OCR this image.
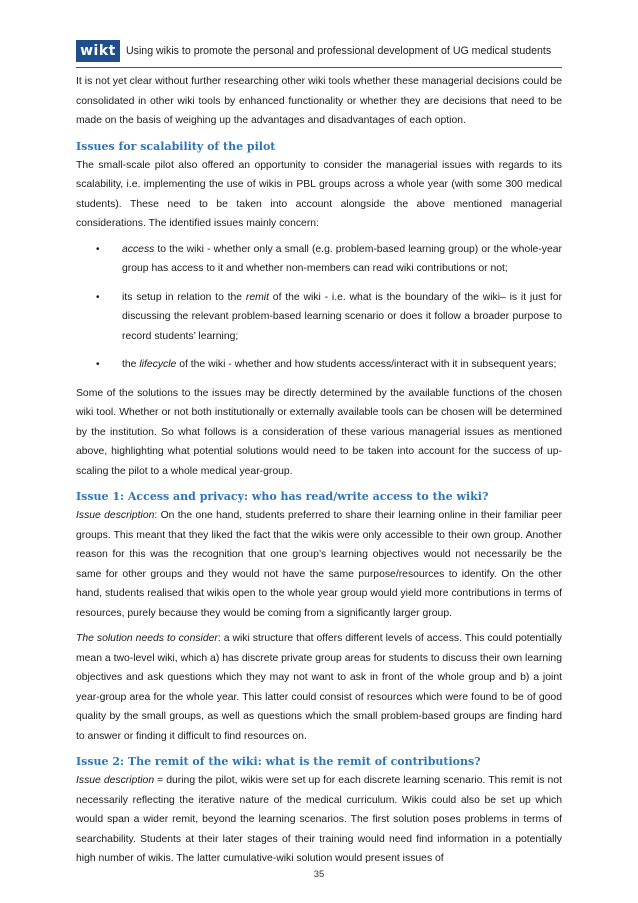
wikt Using wikis to promote the personal and professional development of UG medical students

It is not yet clear without further researching other wiki tools whether these managerial decisions could be consolidated in other wiki tools by enhanced functionality or whether they are decisions that need to be made on the basis of weighing up the advantages and disadvantages of each option.

Issues for scalability of the pilot

The small-scale pilot also offered an opportunity to consider the managerial issues with regards to its scalability, i.e. implementing the use of wikis in PBL groups across a whole year (with some 300 medical students). These need to be taken into account alongside the above mentioned managerial considerations. The identified issues mainly concern:

• access to the wiki - whether only a small (e.g. problem-based learning group) or the whole-year group has access to it and whether non-members can read wiki contributions or not;
• its setup in relation to the remit of the wiki - i.e. what is the boundary of the wiki– is it just for discussing the relevant problem-based learning scenario or does it follow a broader purpose to record students’ learning;
• the lifecycle of the wiki - whether and how students access/interact with it in subsequent years;

Some of the solutions to the issues may be directly determined by the available functions of the chosen wiki tool. Whether or not both institutionally or externally available tools can be chosen will be determined by the institution. So what follows is a consideration of these various managerial issues as mentioned above, highlighting what potential solutions would need to be taken into account for the success of up-scaling the pilot to a whole medical year-group.

Issue 1: Access and privacy: who has read/write access to the wiki?

Issue description: On the one hand, students preferred to share their learning online in their familiar peer groups. This meant that they liked the fact that the wikis were only accessible to their own group. Another reason for this was the recognition that one group’s learning objectives would not necessarily be the same for other groups and they would not have the same purpose/resources to identify. On the other hand, students realised that wikis open to the whole year group would yield more contributions in terms of resources, purely because they would be coming from a significantly larger group.

The solution needs to consider: a wiki structure that offers different levels of access. This could potentially mean a two-level wiki, which a) has discrete private group areas for students to discuss their own learning objectives and ask questions which they may not want to ask in front of the whole group and b) a joint year-group area for the whole year. This latter could consist of resources which were found to be of good quality by the small groups, as well as questions which the small problem-based groups are finding hard to answer or finding it difficult to find resources on.

Issue 2: The remit of the wiki: what is the remit of contributions?

Issue description = during the pilot, wikis were set up for each discrete learning scenario. This remit is not necessarily reflecting the iterative nature of the medical curriculum. Wikis could also be set up which would span a wider remit, beyond the learning scenarios. The first solution poses problems in terms of searchability. Students at their later stages of their training would need find information in a potentially high number of wikis. The latter cumulative-wiki solution would present issues of

35
